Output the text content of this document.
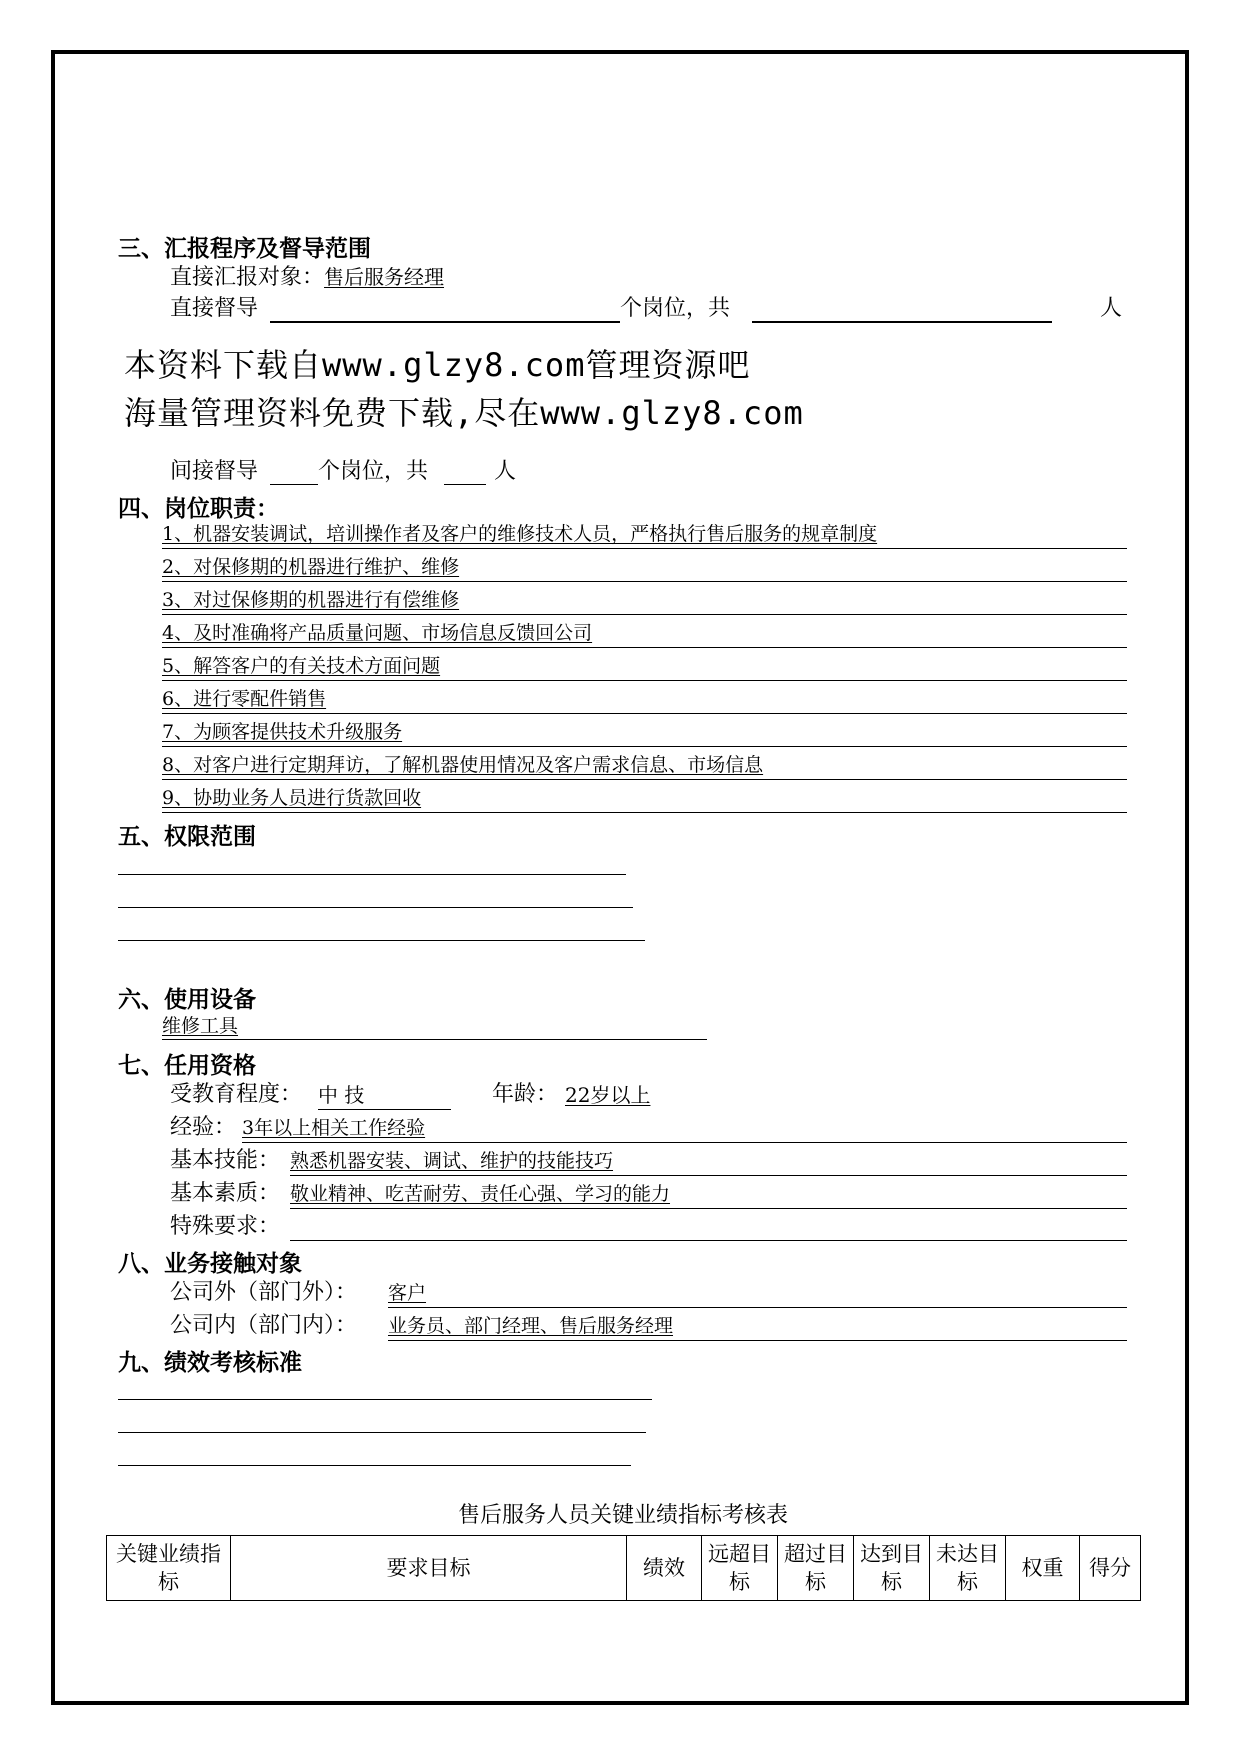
三、汇报程序及督导范围
直接汇报对象：售后服务经理
直接督导	个岗位，共	人
本资料下载自www.glzy8.com管理资源吧
海量管理资料免费下载,尽在www.glzy8.com
间接督导	个岗位，共	人
四、岗位职责：
1、机器安装调试，培训操作者及客户的维修技术人员，严格执行售后服务的规章制度
2、对保修期的机器进行维护、维修
3、对过保修期的机器进行有偿维修
4、及时准确将产品质量问题、市场信息反馈回公司
5、解答客户的有关技术方面问题
6、进行零配件销售
7、为顾客提供技术升级服务
8、对客户进行定期拜访，了解机器使用情况及客户需求信息、市场信息
9、协助业务人员进行货款回收
五、权限范围
六、使用设备
维修工具
七、任用资格
受教育程度： 中 技	年龄： 22岁以上
经验： 3年以上相关工作经验
基本技能： 熟悉机器安装、调试、维护的技能技巧
基本素质： 敬业精神、吃苦耐劳、责任心强、学习的能力
特殊要求：
八、业务接触对象
公司外（部门外）： 客户
公司内（部门内）： 业务员、部门经理、售后服务经理
九、绩效考核标准
售后服务人员关键业绩指标考核表
关键业绩指标	要求目标	绩效	远超目标	超过目标	达到目标	未达目标	权重	得分
